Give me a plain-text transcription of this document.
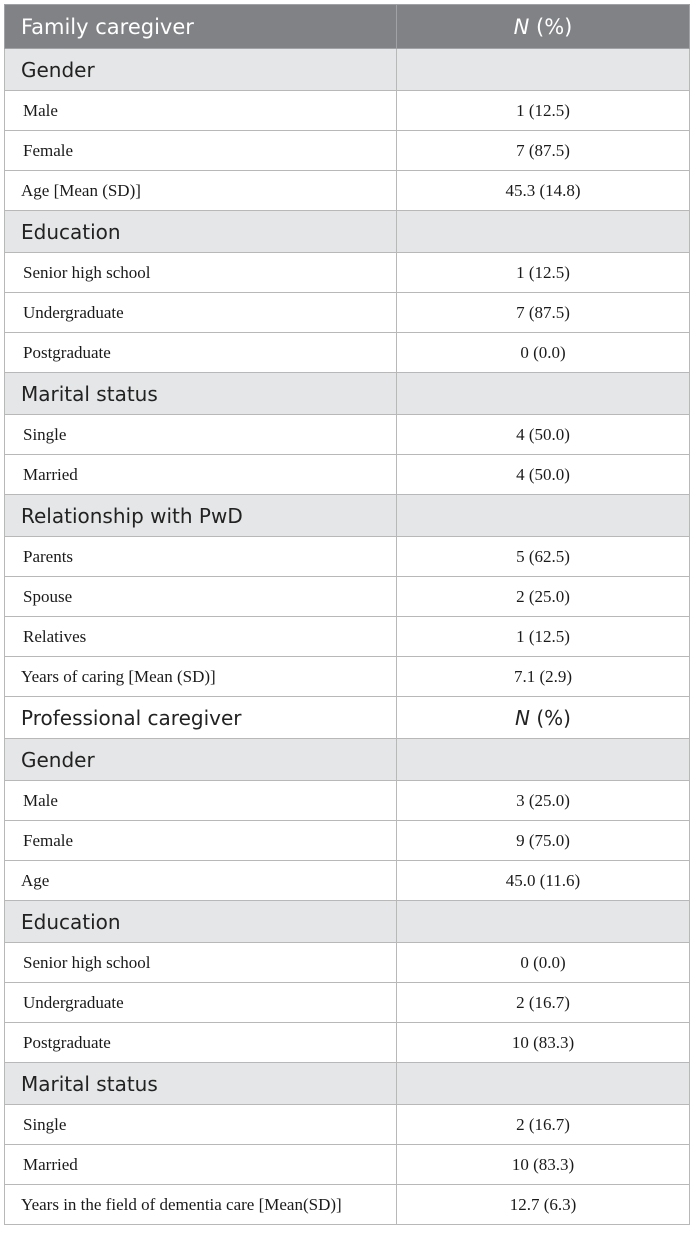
Family caregiver	N (%)
Gender	
Male	1 (12.5)
Female	7 (87.5)
Age [Mean (SD)]	45.3 (14.8)
Education	
Senior high school	1 (12.5)
Undergraduate	7 (87.5)
Postgraduate	0 (0.0)
Marital status	
Single	4 (50.0)
Married	4 (50.0)
Relationship with PwD	
Parents	5 (62.5)
Spouse	2 (25.0)
Relatives	1 (12.5)
Years of caring [Mean (SD)]	7.1 (2.9)
Professional caregiver	N (%)
Gender	
Male	3 (25.0)
Female	9 (75.0)
Age	45.0 (11.6)
Education	
Senior high school	0 (0.0)
Undergraduate	2 (16.7)
Postgraduate	10 (83.3)
Marital status	
Single	2 (16.7)
Married	10 (83.3)
Years in the field of dementia care [Mean(SD)]	12.7 (6.3)
